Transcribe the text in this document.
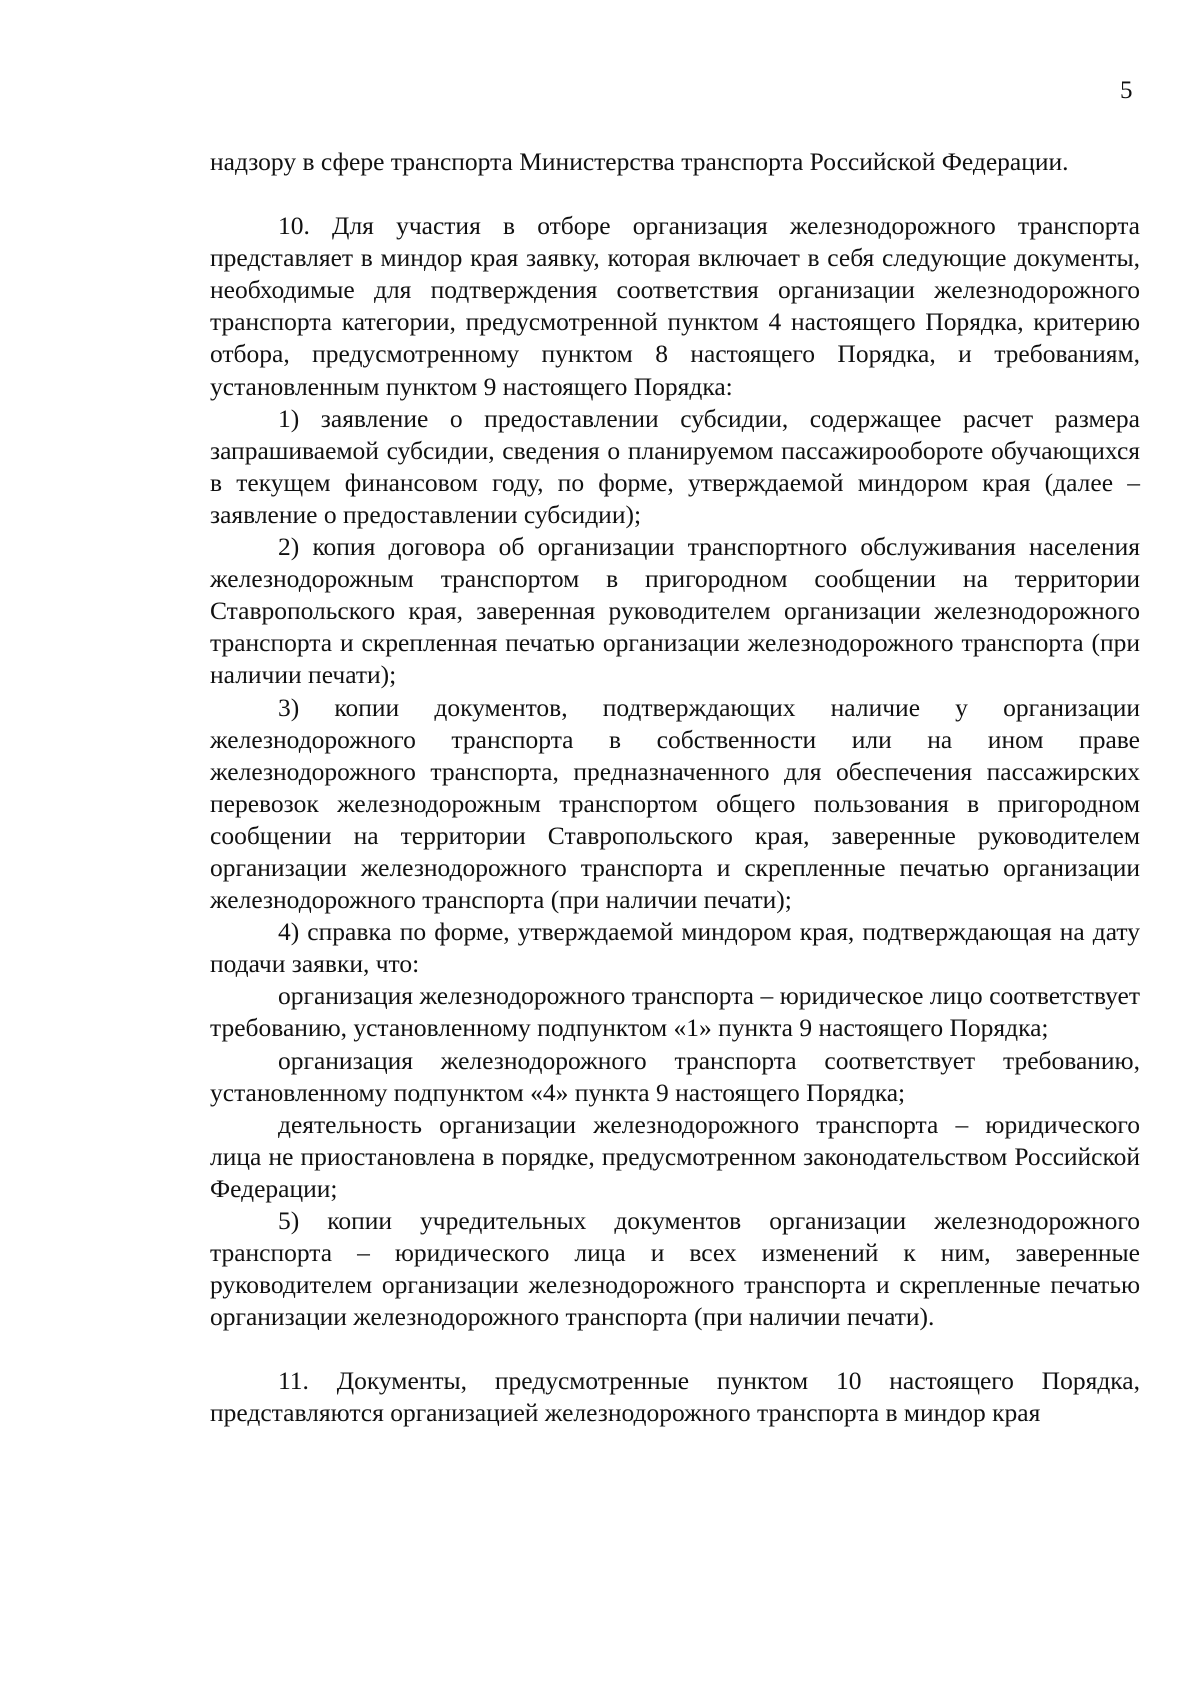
5

надзору в сфере транспорта Министерства транспорта Российской Федерации.

10. Для участия в отборе организация железнодорожного транспорта представляет в миндор края заявку, которая включает в себя следующие документы, необходимые для подтверждения соответствия организации железнодорожного транспорта категории, предусмотренной пунктом 4 настоящего Порядка, критерию отбора, предусмотренному пунктом 8 настоящего Порядка, и требованиям, установленным пунктом 9 настоящего Порядка:

1) заявление о предоставлении субсидии, содержащее расчет размера запрашиваемой субсидии, сведения о планируемом пассажирообороте обучающихся в текущем финансовом году, по форме, утверждаемой миндором края (далее – заявление о предоставлении субсидии);

2) копия договора об организации транспортного обслуживания населения железнодорожным транспортом в пригородном сообщении на территории Ставропольского края, заверенная руководителем организации железнодорожного транспорта и скрепленная печатью организации железнодорожного транспорта (при наличии печати);

3) копии документов, подтверждающих наличие у организации железнодорожного транспорта в собственности или на ином праве железнодорожного транспорта, предназначенного для обеспечения пассажирских перевозок железнодорожным транспортом общего пользования в пригородном сообщении на территории Ставропольского края, заверенные руководителем организации железнодорожного транспорта и скрепленные печатью организации железнодорожного транспорта (при наличии печати);

4) справка по форме, утверждаемой миндором края, подтверждающая на дату подачи заявки, что:

организация железнодорожного транспорта – юридическое лицо соответствует требованию, установленному подпунктом «1» пункта 9 настоящего Порядка;

организация железнодорожного транспорта соответствует требованию, установленному подпунктом «4» пункта 9 настоящего Порядка;

деятельность организации железнодорожного транспорта – юридического лица не приостановлена в порядке, предусмотренном законодательством Российской Федерации;

5) копии учредительных документов организации железнодорожного транспорта – юридического лица и всех изменений к ним, заверенные руководителем организации железнодорожного транспорта и скрепленные печатью организации железнодорожного транспорта (при наличии печати).

11. Документы, предусмотренные пунктом 10 настоящего Порядка, представляются организацией железнодорожного транспорта в миндор края
